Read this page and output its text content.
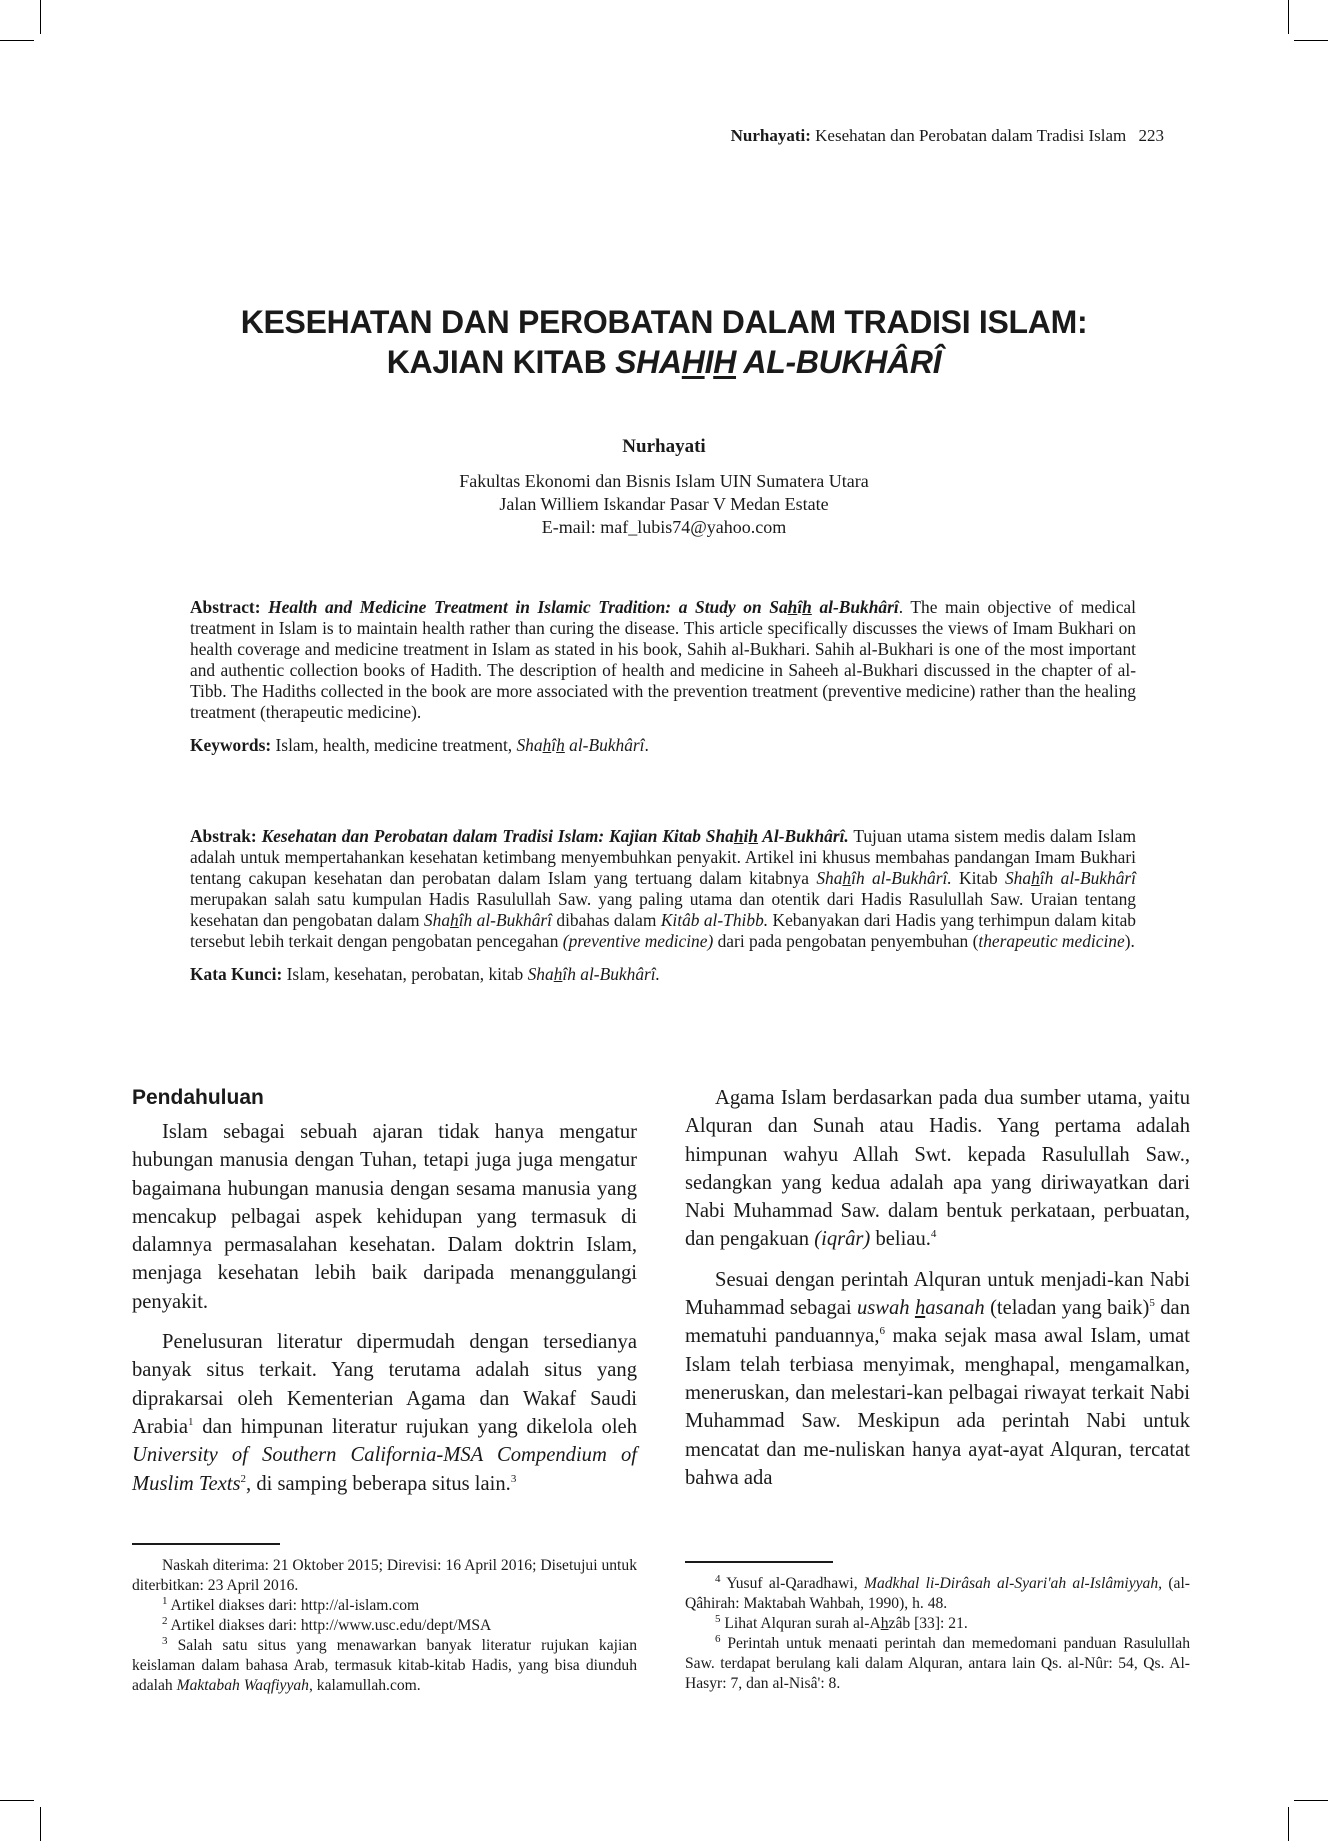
Nurhayati: Kesehatan dan Perobatan dalam Tradisi Islam 223
KESEHATAN DAN PEROBATAN DALAM TRADISI ISLAM:
KAJIAN KITAB SHAHIH AL-BUKHÂRÎ
Nurhayati
Fakultas Ekonomi dan Bisnis Islam UIN Sumatera Utara
Jalan Williem Iskandar Pasar V Medan Estate
E-mail: maf_lubis74@yahoo.com

Abstract: Health and Medicine Treatment in Islamic Tradition: a Study on Sahîh al-Bukhârî. The main objective of medical treatment in Islam is to maintain health rather than curing the disease. This article specifically discusses the views of Imam Bukhari on health coverage and medicine treatment in Islam as stated in his book, Sahih al-Bukhari. Sahih al-Bukhari is one of the most important and authentic collection books of Hadith. The description of health and medicine in Saheeh al-Bukhari discussed in the chapter of al-Tibb. The Hadiths collected in the book are more associated with the prevention treatment (preventive medicine) rather than the healing treatment (therapeutic medicine).

Keywords: Islam, health, medicine treatment, Shahîh al-Bukhârî.

Abstrak: Kesehatan dan Perobatan dalam Tradisi Islam: Kajian Kitab Shahih Al-Bukhârî. Tujuan utama sistem medis dalam Islam adalah untuk mempertahankan kesehatan ketimbang menyembuhkan penyakit. Artikel ini khusus membahas pandangan Imam Bukhari tentang cakupan kesehatan dan perobatan dalam Islam yang tertuang dalam kitabnya Shahîh al-Bukhârî. Kitab Shahîh al-Bukhârî merupakan salah satu kumpulan Hadis Rasulullah Saw. yang paling utama dan otentik dari Hadis Rasulullah Saw. Uraian tentang kesehatan dan pengobatan dalam Shahîh al-Bukhârî dibahas dalam Kitâb al-Thibb. Kebanyakan dari Hadis yang terhimpun dalam kitab tersebut lebih terkait dengan pengobatan pencegahan (preventive medicine) dari pada pengobatan penyembuhan (therapeutic medicine).

Kata Kunci: Islam, kesehatan, perobatan, kitab Shahîh al-Bukhârî.

Pendahuluan

Islam sebagai sebuah ajaran tidak hanya mengatur hubungan manusia dengan Tuhan, tetapi juga juga mengatur bagaimana hubungan manusia dengan sesama manusia yang mencakup pelbagai aspek kehidupan yang termasuk di dalamnya permasalahan kesehatan. Dalam doktrin Islam, menjaga kesehatan lebih baik daripada menanggulangi penyakit.

Penelusuran literatur dipermudah dengan tersedianya banyak situs terkait. Yang terutama adalah situs yang diprakarsai oleh Kementerian Agama dan Wakaf Saudi Arabia$^1$ dan himpunan literatur rujukan yang dikelola oleh University of Southern California-MSA Compendium of Muslim Texts$^2$, di samping beberapa situs lain.$^3$

Agama Islam berdasarkan pada dua sumber utama, yaitu Alquran dan Sunah atau Hadis. Yang pertama adalah himpunan wahyu Allah Swt. kepada Rasulullah Saw., sedangkan yang kedua adalah apa yang diriwayatkan dari Nabi Muhammad Saw. dalam bentuk perkataan, perbuatan, dan pengakuan (iqrâr) beliau.$^4$

Sesuai dengan perintah Alquran untuk menjadi-kan Nabi Muhammad sebagai uswah hasanah (teladan yang baik)$^5$ dan mematuhi panduannya,$^6$ maka sejak masa awal Islam, umat Islam telah terbiasa menyimak, menghapal, mengamalkan, meneruskan, dan melestari-kan pelbagai riwayat terkait Nabi Muhammad Saw. Meskipun ada perintah Nabi untuk mencatat dan me-nuliskan hanya ayat-ayat Alquran, tercatat bahwa ada

Naskah diterima: 21 Oktober 2015; Direvisi: 16 April 2016; Disetujui untuk diterbitkan: 23 April 2016.

$^1$ Artikel diakses dari: http://al-islam.com

$^2$ Artikel diakses dari: http://www.usc.edu/dept/MSA

$^3$ Salah satu situs yang menawarkan banyak literatur rujukan kajian keislaman dalam bahasa Arab, termasuk kitab-kitab Hadis, yang bisa diunduh adalah Maktabah Waqfiyyah, kalamullah.com.

$^4$ Yusuf al-Qaradhawi, Madkhal li-Dirâsah al-Syari'ah al-Islâmiyyah, (al-Qâhirah: Maktabah Wahbah, 1990), h. 48.

$^5$ Lihat Alquran surah al-Ahzâb [33]: 21.

$^6$ Perintah untuk menaati perintah dan memedomani panduan Rasulullah Saw. terdapat berulang kali dalam Alquran, antara lain Qs. al-Nûr: 54, Qs. Al-Hasyr: 7, dan al-Nisâ': 8.
